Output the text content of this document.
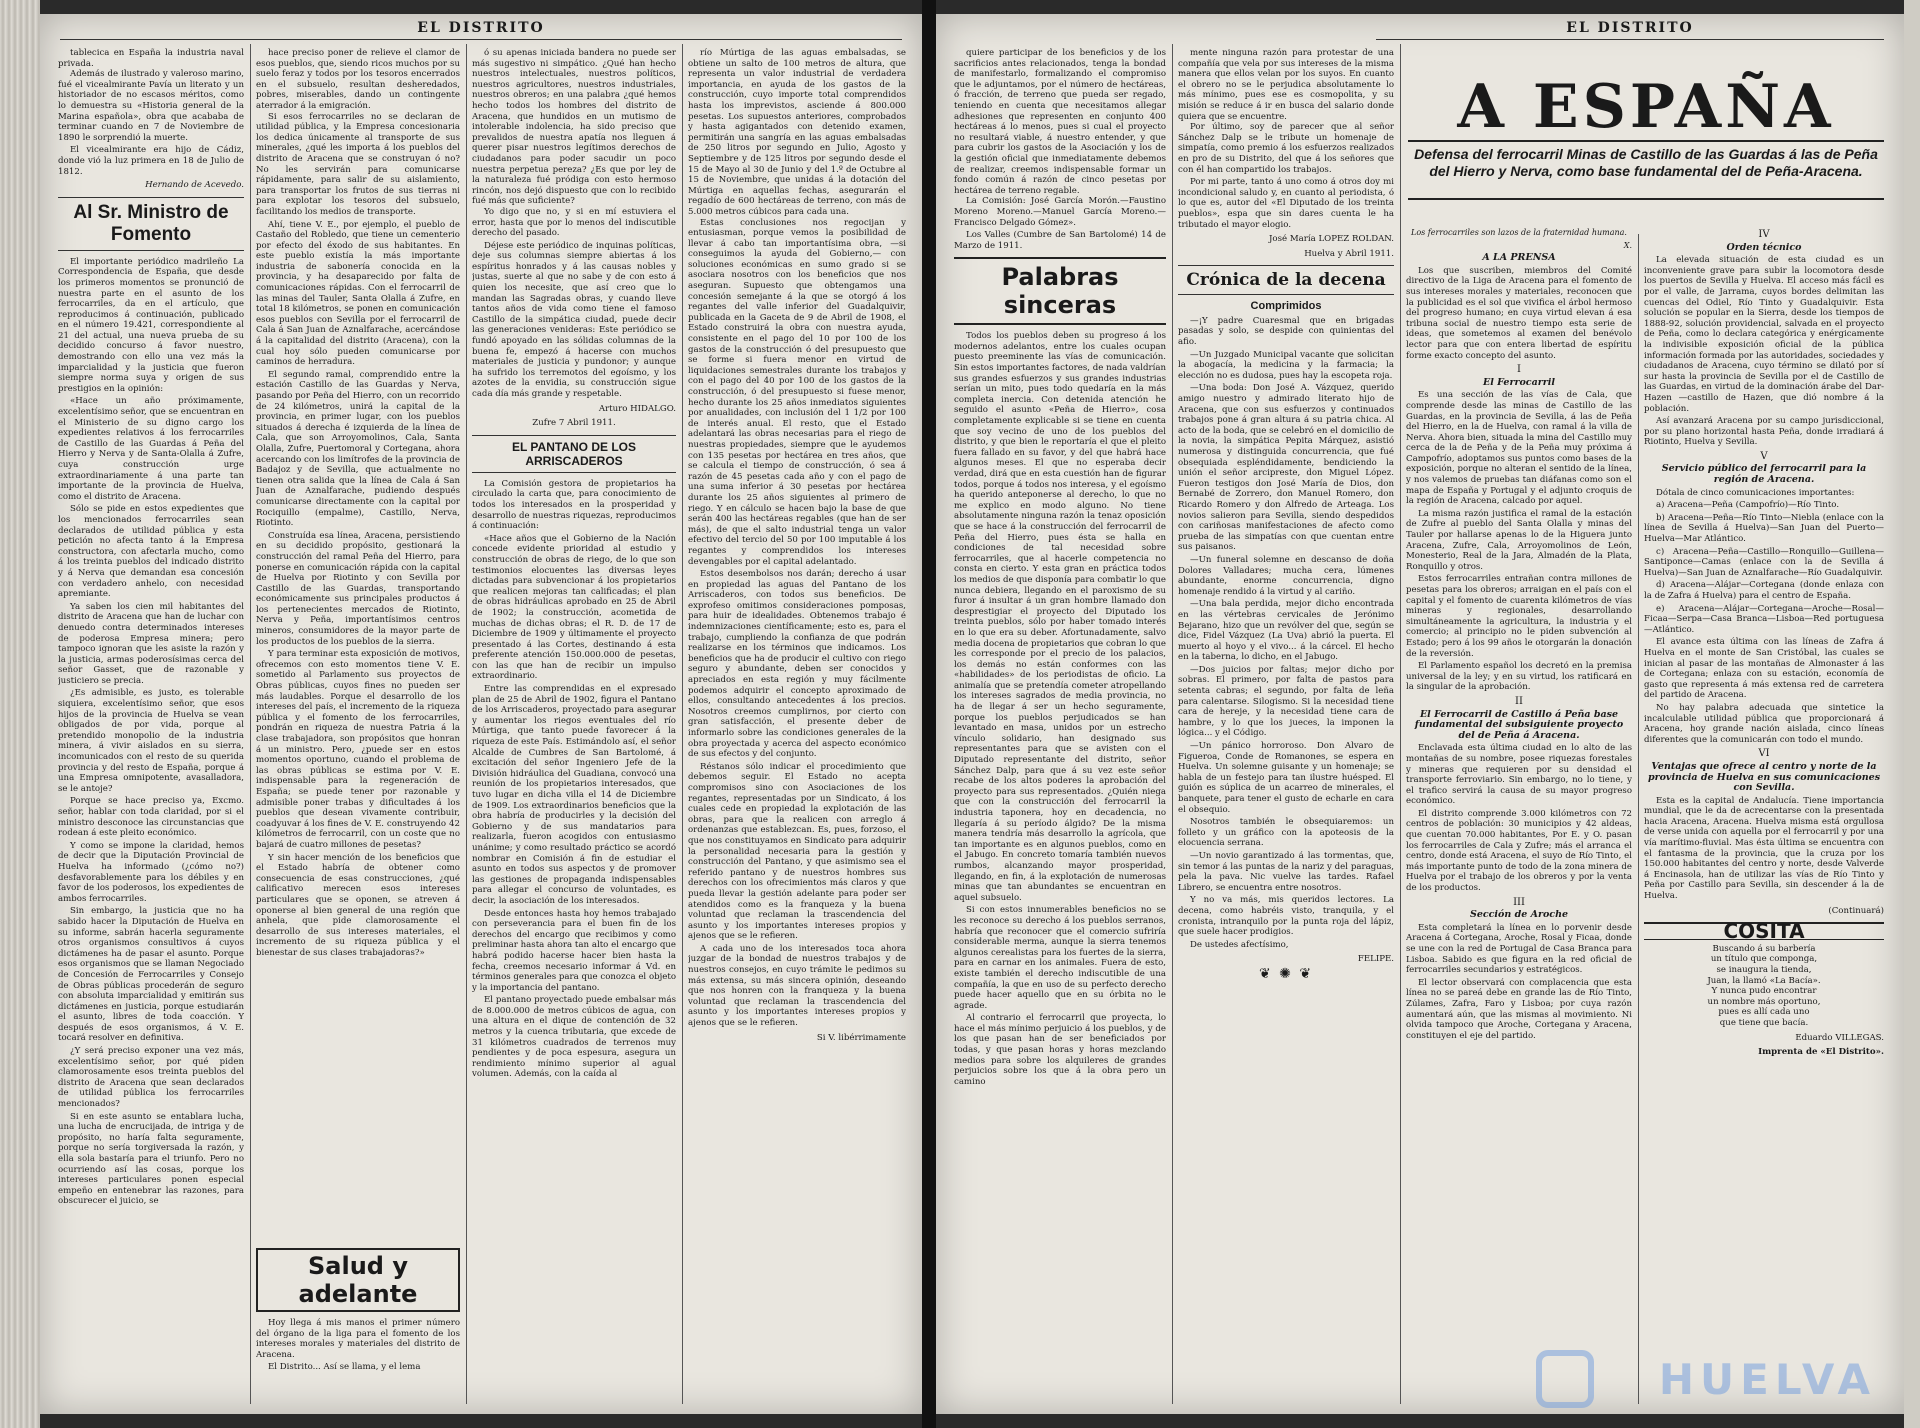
EL DISTRITO

tablecica en España la industria naval privada.

Además de ilustrado y valeroso marino, fué el vicealmirante Pavía un literato y un historiador de no escasos méritos, como lo demuestra su «Historia general de la Marina española», obra que acababa de terminar cuando en 7 de Noviembre de 1890 le sorprendió la muerte.

El vicealmirante era hijo de Cádiz, donde vió la luz primera en 18 de Julio de 1812.

Hernando de Acevedo.
Al Sr. Ministro de Fomento

El importante periódico madrileño La Correspondencia de España, que desde los primeros momentos se pronunció de nuestra parte en el asunto de los ferrocarriles, da en el artículo, que reproducimos á continuación, publicado en el número 19.421, correspondiente al 21 del actual, una nueva prueba de su decidido concurso á favor nuestro, demostrando con ello una vez más la imparcialidad y la justicia que fueron siempre norma suya y origen de sus prestigios en la opinión:

«Hace un año próximamente, excelentísimo señor, que se encuentran en el Ministerio de su digno cargo los expedientes relativos á los ferrocarriles de Castillo de las Guardas á Peña del Hierro y Nerva y de Santa-Olalla á Zufre, cuya construcción urge extraordinariamente á una parte tan importante de la provincia de Huelva, como el distrito de Aracena.

Sólo se pide en estos expedientes que los mencionados ferrocarriles sean declarados de utilidad pública y esta petición no afecta tanto á la Empresa constructora, con afectarla mucho, como á los treinta pueblos del indicado distrito y á Nerva que demandan esa concesión con verdadero anhelo, con necesidad apremiante.

Ya saben los cien mil habitantes del distrito de Aracena que han de luchar con denuedo contra determinados intereses de poderosa Empresa minera; pero tampoco ignoran que les asiste la razón y la justicia, armas poderosísimas cerca del señor Gasset, que de razonable y justiciero se precia.

¿Es admisible, es justo, es tolerable siquiera, excelentísimo señor, que esos hijos de la provincia de Huelva se vean obligados de por vida, porque al pretendido monopolio de la industria minera, á vivir aislados en su sierra, incomunicados con el resto de su querida provincia y del resto de España, porque á una Empresa omnipotente, avasalladora, se le antoje?

Porque se hace preciso ya, Excmo. señor, hablar con toda claridad, por si el ministro desconoce las circunstancias que rodean á este pleito económico.

Y como se impone la claridad, hemos de decir que la Diputación Provincial de Huelva ha informado (¿cómo no?) desfavorablemente para los débiles y en favor de los poderosos, los expedientes de ambos ferrocarriles.

Sin embargo, la justicia que no ha sabido hacer la Diputación de Huelva en su informe, sabrán hacerla seguramente otros organismos consultivos á cuyos dictámenes ha de pasar el asunto. Porque esos organismos que se llaman Negociado de Concesión de Ferrocarriles y Consejo de Obras públicas procederán de seguro con absoluta imparcialidad y emitirán sus dictámenes en justicia, porque estudiarán el asunto, libres de toda coacción. Y después de esos organismos, á V. E. tocará resolver en definitiva.

¿Y será preciso exponer una vez más, excelentísimo señor, por qué piden clamorosamente esos treinta pueblos del distrito de Aracena que sean declarados de utilidad pública los ferrocarriles mencionados?

Si en este asunto se entablara lucha, una lucha de encrucijada, de intriga y de propósito, no haría falta seguramente, porque no sería torgiversada la razón, y ella sola bastaría para el triunfo. Pero no ocurriendo así las cosas, porque los intereses particulares ponen especial empeño en entenebrar las razones, para obscurecer el juicio, se

hace preciso poner de relieve el clamor de esos pueblos, que, siendo ricos muchos por su suelo feraz y todos por los tesoros encerrados en el subsuelo, resultan desheredados, pobres, miserables, dando un contingente aterrador á la emigración.

Si esos ferrocarriles no se declaran de utilidad pública, y la Empresa concesionaria los dedica únicamente al transporte de sus minerales, ¿qué les importa á los pueblos del distrito de Aracena que se construyan ó no? No les servirán para comunicarse rápidamente, para salir de su aislamiento, para transportar los frutos de sus tierras ni para explotar los tesoros del subsuelo, facilitando los medios de transporte.

Ahí, tiene V. E., por ejemplo, el pueblo de Castaño del Robledo, que tiene un cementerio por efecto del éxodo de sus habitantes. En este pueblo existía la más importante industria de sabonería conocida en la provincia, y ha desaparecido por falta de comunicaciones rápidas. Con el ferrocarril de las minas del Tauler, Santa Olalla á Zufre, en total 18 kilómetros, se ponen en comunicación esos pueblos con Sevilla por el ferrocarril de Cala á San Juan de Aznalfarache, acercándose á la capitalidad del distrito (Aracena), con la cual hoy sólo pueden comunicarse por caminos de herradura.

El segundo ramal, comprendido entre la estación Castillo de las Guardas y Nerva, pasando por Peña del Hierro, con un recorrido de 24 kilómetros, unirá la capital de la provincia, en primer lugar, con los pueblos situados á derecha é izquierda de la línea de Cala, que son Arroyomolinos, Cala, Santa Olalla, Zufre, Puertomoral y Cortegana, ahora acercando con los limítrofes de la provincia de Badajoz y de Sevilla, que actualmente no tienen otra salida que la línea de Cala á San Juan de Aznalfarache, pudiendo después comunicarse directamente con la capital por Rociquillo (empalme), Castillo, Nerva, Riotinto.

Construída esa línea, Aracena, persistiendo en su decidido propósito, gestionará la construcción del ramal Peña del Hierro, para ponerse en comunicación rápida con la capital de Huelva por Riotinto y con Sevilla por Castillo de las Guardas, transportando económicamente sus principales productos á los pertenecientes mercados de Riotinto, Nerva y Peña, importantísimos centros mineros, consumidores de la mayor parte de los productos de los pueblos de la sierra.

Y para terminar esta exposición de motivos, ofrecemos con esto momentos tiene V. E. sometido al Parlamento sus proyectos de Obras públicas, cuyos fines no pueden ser más laudables. Porque el desarrollo de los intereses del país, el incremento de la riqueza pública y el fomento de los ferrocarriles, pondrán en riqueza de nuestra Patria á la clase trabajadora, son propósitos que honran á un ministro. Pero, ¿puede ser en estos momentos oportuno, cuando el problema de las obras públicas se estima por V. E. indispensable para la regeneración de España; se puede tener por razonable y admisible poner trabas y dificultades á los pueblos que desean vivamente contribuir, coadyuvar á los fines de V. E. construyendo 42 kilómetros de ferrocarril, con un coste que no bajará de cuatro millones de pesetas?

Y sin hacer mención de los beneficios que el Estado habría de obtener como consecuencia de esas construcciones, ¿qué calificativo merecen esos intereses particulares que se oponen, se atreven á oponerse al bien general de una región que anhela, que pide clamorosamente el desarrollo de sus intereses materiales, el incremento de su riqueza pública y el bienestar de sus clases trabajadoras?»

Salud y adelante

Hoy llega á mis manos el primer número del órgano de la liga para el fomento de los intereses morales y materiales del distrito de Aracena.

El Distrito... Así se llama, y el lema

ó su apenas iniciada bandera no puede ser más sugestivo ni simpático. ¿Qué han hecho nuestros intelectuales, nuestros políticos, nuestros agricultores, nuestros industriales, nuestros obreros; en una palabra ¿qué hemos hecho todos los hombres del distrito de Aracena, que hundidos en un mutismo de intolerable indolencia, ha sido preciso que prevalidos de nuestra apatía nos lleguen á querer pisar nuestros legítimos derechos de ciudadanos para poder sacudir un poco nuestra perpetua pereza? ¿Es que por ley de la naturaleza fué pródiga con esto hermoso rincón, nos dejó dispuesto que con lo recibido fué más que suficiente?

Yo digo que no, y si en mí estuviera el error, hasta que por lo menos del indiscutible derecho del pasado.

Déjese este periódico de inquinas políticas, deje sus columnas siempre abiertas á los espíritus honrados y á las causas nobles y justas, suerte al que no sabe y de con esto á quien los necesite, que así creo que lo mandan las Sagradas obras, y cuando lleve tantos años de vida como tiene el famoso Castillo de la simpática ciudad, puede decir las generaciones venideras: Este periódico se fundó apoyado en las sólidas columnas de la buena fe, empezó á hacerse con muchos materiales de justicia y pundonor; y aunque ha sufrido los terremotos del egoísmo, y los azotes de la envidia, su construcción sigue cada día más grande y respetable.

Arturo HIDALGO.
Zufre 7 Abril 1911.
EL PANTANO DE LOS ARRISCADEROS

La Comisión gestora de propietarios ha circulado la carta que, para conocimiento de todos los interesados en la prosperidad y desarrollo de nuestras riquezas, reproducimos á continuación:

«Hace años que el Gobierno de la Nación concede evidente prioridad al estudio y construcción de obras de riego, de lo que son testimonios elocuentes las diversas leyes dictadas para subvencionar á los propietarios que realicen mejoras tan calificadas; el plan de obras hidráulicas aprobado en 25 de Abril de 1902; la construcción, acometida de muchas de dichas obras; el R. D. de 17 de Diciembre de 1909 y últimamente el proyecto presentado á las Cortes, destinando á esta preferente atención 150.000.000 de pesetas, con las que han de recibir un impulso extraordinario.

Entre las comprendidas en el expresado plan de 25 de Abril de 1902, figura el Pantano de los Arriscaderos, proyectado para asegurar y aumentar los riegos eventuales del río Múrtiga, que tanto puede favorecer á la riqueza de este País. Estimándolo así, el señor Alcalde de Cumbres de San Bartolomé, á excitación del señor Ingeniero Jefe de la División hidráulica del Guadiana, convocó una reunión de los propietarios interesados, que tuvo lugar en dicha villa el 14 de Diciembre de 1909. Los extraordinarios beneficios que la obra habría de producirles y la decisión del Gobierno y de sus mandatarios para realizarla, fueron acogidos con entusiasmo unánime; y como resultado práctico se acordó nombrar en Comisión á fin de estudiar el asunto en todos sus aspectos y de promover las gestiones de propaganda indispensables para allegar el concurso de voluntades, es decir, la asociación de los interesados.

Desde entonces hasta hoy hemos trabajado con perseverancia para el buen fin de los derechos del encargo que recibimos y como preliminar hasta ahora tan alto el encargo que habrá podido hacerse hacer bien hasta la fecha, creemos necesario informar á Vd. en términos generales para que conozca el objeto y la importancia del pantano.

El pantano proyectado puede embalsar más de 8.000.000 de metros cúbicos de agua, con una altura en el dique de contención de 32 metros y la cuenca tributaria, que excede de 31 kilómetros cuadrados de terrenos muy pendientes y de poca espesura, asegura un rendimiento mínimo superior al agual volumen. Además, con la caída al

río Múrtiga de las aguas embalsadas, se obtiene un salto de 100 metros de altura, que representa un valor industrial de verdadera importancia, en ayuda de los gastos de la construcción, cuyo importe total comprendidos hasta los imprevistos, asciende á 800.000 pesetas. Los supuestos anteriores, comprobados y hasta agigantados con detenido examen, permitirán una sangría en las aguas embalsadas de 250 litros por segundo en Julio, Agosto y Septiembre y de 125 litros por segundo desde el 15 de Mayo al 30 de Junio y del 1.º de Octubre al 15 de Noviembre, que unidas á la dotación del Múrtiga en aquellas fechas, asegurarán el regadío de 600 hectáreas de terreno, con más de 5.000 metros cúbicos para cada una.

Estas conclusiones nos regocijan y entusiasman, porque vemos la posibilidad de llevar á cabo tan importantísima obra, —si conseguimos la ayuda del Gobierno,— con soluciones económicas en sumo grado si se asociara nosotros con los beneficios que nos aseguran. Supuesto que obtengamos una concesión semejante á la que se otorgó á los regantes del valle inferior del Guadalquivir, publicada en la Gaceta de 9 de Abril de 1908, el Estado construirá la obra con nuestra ayuda, consistente en el pago del 10 por 100 de los gastos de la construcción ó del presupuesto que se forme si fuera menor en virtud de liquidaciones semestrales durante los trabajos y con el pago del 40 por 100 de los gastos de la construcción, ó del presupuesto si fuese menor, hecho durante los 25 años inmediatos siguientes por anualidades, con inclusión del 1 1/2 por 100 de interés anual. El resto, que el Estado adelantará las obras necesarias para el riego de nuestras propiedades, siempre que le ayudemos con 135 pesetas por hectárea en tres años, que se calcula el tiempo de construcción, ó sea á razón de 45 pesetas cada año y con el pago de una suma inferior á 30 pesetas por hectárea durante los 25 años siguientes al primero de riego. Y en cálculo se hacen bajo la base de que serán 400 las hectáreas regables (que han de ser más), de que el salto industrial tenga un valor efectivo del tercio del 50 por 100 imputable á los regantes y comprendidos los intereses devengables por el capital adelantado.

Estos desembolsos nos darán; derecho á usar en propiedad las aguas del Pantano de los Arriscaderos, con todos sus beneficios. De exprofeso omitimos consideraciones pomposas, para huir de idealidades. Obtenemos trabajo é indemnizaciones científicamente; esto es, para el trabajo, cumpliendo la confianza de que podrán realizarse en los términos que indicamos. Los beneficios que ha de producir el cultivo con riego seguro y abundante, deben ser conocidos y apreciados en esta región y muy fácilmente podemos adquirir el concepto aproximado de ellos, consultando antecedentes á los precios. Nosotros creemos cumplirnos, por cierto con gran satisfacción, el presente deber de informarlo sobre las condiciones generales de la obra proyectada y acerca del aspecto económico de sus efectos y del conjunto.

Réstanos sólo indicar el procedimiento que debemos seguir. El Estado no acepta compromisos sino con Asociaciones de los regantes, representadas por un Sindicato, á los cuales cede en propiedad la explotación de las obras, para que la realicen con arreglo á ordenanzas que establezcan. Es, pues, forzoso, el que nos constituyamos en Sindicato para adquirir la personalidad necesaria para la gestión y construcción del Pantano, y que asimismo sea el referido pantano y de nuestros hombres sus derechos con los ofrecimientos más claros y que pueda llevar la gestión adelante para poder ser atendidos como es la franqueza y la buena voluntad que reclaman la trascendencia del asunto y los importantes intereses propios y ajenos que se le refieren.

A cada uno de los interesados toca ahora juzgar de la bondad de nuestros trabajos y de nuestros consejos, en cuyo trámite le pedimos su más extensa, su más sincera opinión, deseando que nos honren con la franqueza y la buena voluntad que reclaman la trascendencia del asunto y los importantes intereses propios y ajenos que se le refieren.

Si V. libérrimamente
EL DISTRITO

quiere participar de los beneficios y de los sacrificios antes relacionados, tenga la bondad de manifestarlo, formalizando el compromiso que le adjuntamos, por el número de hectáreas, ó fracción, de terreno que pueda ser regado, teniendo en cuenta que necesitamos allegar adhesiones que representen en conjunto 400 hectáreas á lo menos, pues si cual el proyecto no resultará viable, á nuestro entender, y que para cubrir los gastos de la Asociación y los de la gestión oficial que inmediatamente debemos de realizar, creemos indispensable formar un fondo común á razón de cinco pesetas por hectárea de terreno regable.

La Comisión: José García Morón.—Faustino Moreno Moreno.—Manuel García Moreno.—Francisco Delgado Gómez».

Los Valles (Cumbre de San Bartolomé) 14 de Marzo de 1911.

Palabras sinceras

Todos los pueblos deben su progreso á los modernos adelantos, entre los cuales ocupan puesto preeminente las vías de comunicación. Sin estos importantes factores, de nada valdrían sus grandes esfuerzos y sus grandes industrias serían un mito, pues todo quedaría en la más completa inercia. Con detenida atención he seguido el asunto «Peña de Hierro», cosa completamente explicable si se tiene en cuenta que soy vecino de uno de los pueblos del distrito, y que bien le reportaría el que el pleito fuera fallado en su favor, y del que habrá hace algunos meses. El que no esperaba decir verdad, dirá que en esta cuestión han de figurar todos, porque á todos nos interesa, y el egoísmo ha querido anteponerse al derecho, lo que no me explico en modo alguno. No tiene absolutamente ninguna razón la tenaz oposición que se hace á la construcción del ferrocarril de Peña del Hierro, pues ésta se halla en condiciones de tal necesidad sobre ferrocarriles, que al hacerle competencia no consta en cierto. Y esta gran en práctica todos los medios de que disponía para combatir lo que nunca debiera, llegando en el paroxismo de su furor á insultar á un gran hombre llamado don desprestigiar el proyecto del Diputado los treinta pueblos, sólo por haber tomado interés en lo que era su deber. Afortunadamente, salvo media docena de propietarios que cobran lo que les corresponde por el precio de los palacios, los demás no están conformes con las «habilidades» de los periodistas de oficio. La animalía que se pretendía cometer atropellando los intereses sagrados de media provincia, no ha de llegar á ser un hecho seguramente, porque los pueblos perjudicados se han levantado en masa, unidos por un estrecho vínculo solidario, han designado sus representantes para que se avisten con el Diputado representante del distrito, señor Sánchez Dalp, para que á su vez este señor recabe de los altos poderes la aprobación del proyecto para sus representados. ¿Quién niega que con la construcción del ferrocarril la industria taponera, hoy en decadencia, no llegaría á su período álgido? De la misma manera tendría más desarrollo la agrícola, que tan importante es en algunos pueblos, como en el Jabugo. En concreto tomaría también nuevos rumbos, alcanzando mayor prosperidad, llegando, en fin, á la explotación de numerosas minas que tan abundantes se encuentran en aquel subsuelo.

Si con estos innumerables beneficios no se les reconoce su derecho á los pueblos serranos, habría que reconocer que el comercio sufriría considerable merma, aunque la sierra tenemos algunos cerealistas para los fuertes de la sierra, para en carnar en los animales. Fuera de esto, existe también el derecho indiscutible de una compañía, la que en uso de su perfecto derecho puede hacer aquello que en su órbita no le agrade.

Al contrario el ferrocarril que proyecta, lo hace el más mínimo perjuicio á los pueblos, y de los que pasan han de ser beneficiados por todas, y que pasan horas y horas mezclando medios para sobre los alquileres de grandes perjuicios sobre los que á la obra pero un camino

mente ninguna razón para protestar de una compañía que vela por sus intereses de la misma manera que ellos velan por los suyos. En cuanto el obrero no se le perjudica absolutamente lo más mínimo, pues ese es cosmopolita, y su misión se reduce á ir en busca del salario donde quiera que se encuentre.

Por último, soy de parecer que al señor Sánchez Dalp se le tribute un homenaje de simpatía, como premio á los esfuerzos realizados en pro de su Distrito, del que á los señores que con él han compartido los trabajos.

Por mi parte, tanto á uno como á otros doy mi incondicional saludo y, en cuanto al periodista, ó lo que es, autor del «El Diputado de los treinta pueblos», espa que sin dares cuenta le ha tributado el mayor elogio.

José María LOPEZ ROLDAN.
Huelva y Abril 1911.
Crónica de la decena
Comprimidos

—¡Y padre Cuaresmal que en brigadas pasadas y solo, se despide con quinientas del afio.

—Un Juzgado Municipal vacante que solicitan la abogacía, la medicina y la farmacia; la elección no es dudosa, pues hay la escopeta roja.

—Una boda: Don José A. Vázquez, querido amigo nuestro y admirado literato hijo de Aracena, que con sus esfuerzos y continuados trabajos pone á gran altura á su patria chica. Al acto de la boda, que se celebró en el domicilio de la novia, la simpática Pepita Márquez, asistió numerosa y distinguida concurrencia, que fué obsequiada espléndidamente, bendiciendo la unión el señor arcipreste, don Miguel López. Fueron testigos don José María de Dios, don Bernabé de Zorrero, don Manuel Romero, don Ricardo Romero y don Alfredo de Arteaga. Los novios salieron para Sevilla, siendo despedidos con cariñosas manifestaciones de afecto como prueba de las simpatías con que cuentan entre sus paisanos.

—Un funeral solemne en descanso de doña Dolores Valladares; mucha cera, lúmenes abundante, enorme concurrencia, digno homenaje rendido á la virtud y al cariño.

—Una bala perdida, mejor dicho encontrada en las vértebras cervicales de Jerónimo Bejarano, hizo que un revólver del que, según se dice, Fidel Vázquez (La Uva) abrió la puerta. El muerto al hoyo y el vivo... á la cárcel. El hecho en la taberna, lo dicho, en el Jabugo.

—Dos juicios por faltas; mejor dicho por sobras. El primero, por falta de pastos para setenta cabras; el segundo, por falta de leña para calentarse. Silogismo. Si la necesidad tiene cara de hereje, y la necesidad tiene cara de hambre, y lo que los jueces, la imponen la lógica... y el Código.

—Un pánico horroroso. Don Alvaro de Figueroa, Conde de Romanones, se espera en Huelva. Un solemne guisante y un homenaje; se habla de un festejo para tan ilustre huésped. El guión es súplica de un acarreo de minerales, el banquete, para tener el gusto de echarle en cara el obsequio.

Nosotros también le obsequiaremos: un folleto y un gráfico con la apoteosis de la elocuencia serrana.

—Un novio garantizado á las tormentas, que, sin temor á las puntas de la nariz y del paraguas, pela la pava. Nic vuelve las tardes. Rafael Librero, se encuentra entre nosotros.

Y no va más, mis queridos lectores. La decena, como habréis visto, tranquila, y el cronista, intranquilo por la punta roja del lápiz, que suele hacer prodigios.

De ustedes afectísimo,

FELIPE.
❦ ✺ ❦
Los ferrocarriles son lazos de la fraternidad humana.
X.
A LA PRENSA

Los que suscriben, miembros del Comité directivo de la Liga de Aracena para el fomento de sus intereses morales y materiales, reconocen que la publicidad es el sol que vivifica el árbol hermoso del progreso humano; en cuya virtud elevan á esa tribuna social de nuestro tiempo esta serie de ideas, que sometemos al examen del benévolo lector para que con entera libertad de espíritu forme exacto concepto del asunto.

I
El Ferrocarril

Es una sección de las vías de Cala, que comprende desde las minas de Castillo de las Guardas, en la provincia de Sevilla, á las de Peña del Hierro, en la de Huelva, con ramal á la villa de Nerva. Ahora bien, situada la mina del Castillo muy cerca de la de Peña y de la Peña muy próxima á Campofrío, adoptamos sus puntos como bases de la exposición, porque no alteran el sentido de la línea, y nos valemos de pruebas tan diáfanas como son el mapa de España y Portugal y el adjunto croquis de la región de Aracena, calcado por aquel.

La misma razón justifica el ramal de la estación de Zufre al pueblo del Santa Olalla y minas del Tauler por hallarse apenas lo de la Higuera junto Aracena, Zufre, Cala, Arroyomolinos de León, Monesterio, Real de la Jara, Almadén de la Plata, Ronquillo y otros.

Estos ferrocarriles entrañan contra millones de pesetas para los obreros; arraigan en el país con el capital y el fomento de cuarenta kilómetros de vías mineras y regionales, desarrollando simultáneamente la agricultura, la industria y el comercio; al principio no le piden subvención al Estado; pero á los 99 años le otorgarán la donación de la reversión.

El Parlamento español los decretó en la premisa universal de la ley; y en su virtud, los ratificará en la singular de la aprobación.

II
El Ferrocarril de Castillo á Peña base fundamental del subsiguiente proyecto del de Peña á Aracena.

Enclavada esta última ciudad en lo alto de las montañas de su nombre, posee riquezas forestales y mineras que requieren por su densidad el transporte ferroviario. Sin embargo, no lo tiene, y el trafico servirá la causa de su mayor progreso económico.

El distrito comprende 3.000 kilómetros con 72 centros de población: 30 municipios y 42 aldeas, que cuentan 70.000 habitantes, Por E. y O. pasan los ferrocarriles de Cala y Zufre; más el arranca el centro, donde está Aracena, el suyo de Río Tinto, el más importante punto de todo de la zona minera de Huelva por el trabajo de los obreros y por la venta de los productos.

III
Sección de Aroche

Esta completará la línea en lo porvenir desde Aracena á Cortegana, Aroche, Rosal y Ficaa, donde se une con la red de Portugal de Casa Branca para Lisboa. Sabido es que figura en la red oficial de ferrocarriles secundarios y estratégicos.

El lector observará con complacencia que esta línea no se pareá debe en grande las de Río Tinto, Zúlames, Zafra, Faro y Lisboa; por cuya razón aumentará aún, que las mismas al movimiento. Ni olvida tampoco que Aroche, Cortegana y Aracena, constituyen el eje del partido.

IV
Orden técnico

La elevada situación de esta ciudad es un inconveniente grave para subir la locomotora desde los puertos de Sevilla y Huelva. El acceso más fácil es por el valle, de Jarrama, cuyos bordes delimitan las cuencas del Odiel, Río Tinto y Guadalquivir. Esta solución se popular en la Sierra, desde los tiempos de 1888-92, solución providencial, salvada en el proyecto de Peña, como lo declara categórica y enérgicamente la indivisible exposición oficial de la pública información formada por las autoridades, sociedades y ciudadanos de Aracena, cuyo término se dilató por sí sur hasta la provincia de Sevilla por el de Castillo de las Guardas, en virtud de la dominación árabe del Dar-Hazen —castillo de Hazen, que dió nombre á la población.

Así avanzará Aracena por su campo jurisdiccional, por su plano horizontal hasta Peña, donde irradiará á Riotinto, Huelva y Sevilla.

V
Servicio público del ferrocarril para la región de Aracena.

Dótala de cinco comunicaciones importantes:

a) Aracena—Peña (Campofrío)—Río Tinto.

b) Aracena—Peña—Río Tinto—Niebla (enlace con la línea de Sevilla á Huelva)—San Juan del Puerto—Huelva—Mar Atlántico.

c) Aracena—Peña—Castillo—Ronquillo—Guillena—Santiponce—Camas (enlace con la de Sevilla á Huelva)—San Juan de Aznalfarache—Río Guadalquivir.

d) Aracena—Alájar—Cortegana (donde enlaza con la de Zafra á Huelva) para el centro de España.

e) Aracena—Alájar—Cortegana—Aroche—Rosal—Ficaa—Serpa—Casa Branca—Lisboa—Red portuguesa—Atlántico.

El avance esta última con las líneas de Zafra á Huelva en el monte de San Cristóbal, las cuales se inician al pasar de las montañas de Almonaster á las de Cortegana; enlaza con su estación, economía de gasto que representa á más extensa red de carretera del partido de Aracena.

No hay palabra adecuada que sintetice la incalculable utilidad pública que proporcionará á Aracena, hoy grande nación aislada, cinco líneas diferentes que la comunicarán con todo el mundo.

VI
Ventajas que ofrece al centro y norte de la provincia de Huelva en sus comunicaciones con Sevilla.

Esta es la capital de Andalucía. Tiene importancia mundial, que le da de acrecentarse con la presentada hacia Aracena, Aracena. Huelva misma está orgullosa de verse unida con aquella por el ferrocarril y por una vía marítimo-fluvial. Mas ésta última se encuentra con el fantasma de la provincia, que la cruza por los 150.000 habitantes del centro y norte, desde Valverde á Encinasola, han de utilizar las vías de Río Tinto y Peña por Castillo para Sevilla, sin descender á la de Huelva.

(Continuará)
COSITA
Buscando á su barbería
un título que componga,
se inaugura la tienda,
Juan, la llamó «La Bacía».
Y nunca pudo encontrar
un nombre más oportuno,
pues es allí cada uno
que tiene que bacía.
Eduardo VILLEGAS.
Imprenta de «El Distrito».
A ESPAÑA
Defensa del ferrocarril Minas de Castillo de las Guardas á las de Peña del Hierro y Nerva, como base fundamental del de Peña-Aracena.
HUELVA
